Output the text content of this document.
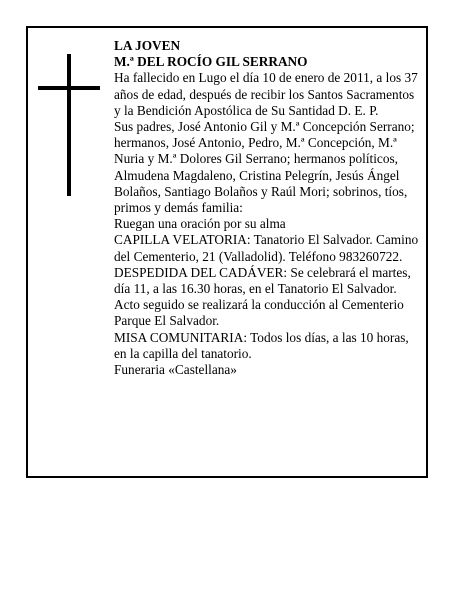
LA JOVEN

M.ª DEL ROCÍO GIL SERRANO

Ha fallecido en Lugo el día 10 de enero de 2011, a los 37 años de edad, después de recibir los Santos Sacramentos y la Bendición Apostólica de Su Santidad D. E. P.

Sus padres, José Antonio Gil y M.ª Concepción Serrano; hermanos, José Antonio, Pedro, M.ª Concepción, M.ª Nuria y M.ª Dolores Gil Serrano; hermanos políticos, Almudena Magdaleno, Cristina Pelegrín, Jesús Ángel Bolaños, Santiago Bolaños y Raúl Mori; sobrinos, tíos, primos y demás familia:

Ruegan una oración por su alma

CAPILLA VELATORIA: Tanatorio El Salvador. Camino del Cementerio, 21 (Valladolid). Teléfono 983260722.

DESPEDIDA DEL CADÁVER: Se celebrará el martes, día 11, a las 16.30 horas, en el Tanatorio El Salvador. Acto seguido se realizará la conducción al Cementerio Parque El Salvador.

MISA COMUNITARIA: Todos los días, a las 10 horas, en la capilla del tanatorio.

Funeraria «Castellana»
